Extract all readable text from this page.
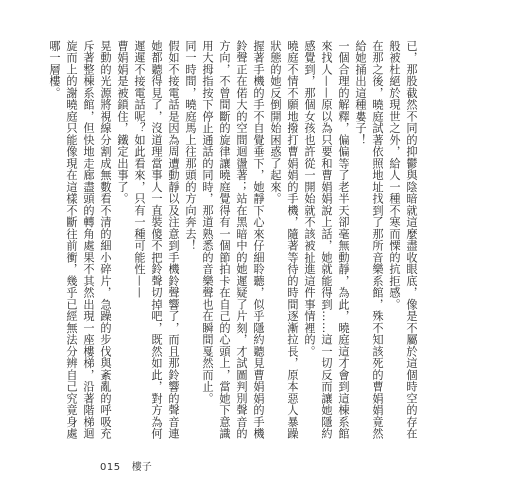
已，那股截然不同的抑鬱與陰暗就這麼盡收眼底，像是不屬於這個時空的存在般被杜絕於現世之外，給人一種不寒而慄的抗拒感。

在那之後，曉庭試著依照地址找到了那所音樂系館，殊不知該死的曹娟娟竟然給她捅出這種婁子！

一個合理的解釋，偏偏等了老半天卻毫無動靜，為此，曉庭這才會到這棟系館來找人——原以為只要和曹娟娟說上話，她就能得到……這一切反而讓她隱約感覺到，那個女孩也許從一開始就不該被扯進這件事情裡的。

曉庭不情不願地撥打曹娟娟的手機，隨著等待的時間逐漸拉長，原本惡人暴躁狀態的她反倒開始困惑了起來。

握著手機的手不自覺垂下，她靜下心來仔細聆聽，似乎隱約聽見曹娟娟的手機鈴聲正在偌大的空間迴盪著；站在黑暗中的她遲疑了片刻，才試圖判別聲音的方向，不曾間斷的旋律讓曉庭覺得有一個節拍卡在自己的心頭上，當她下意識用大拇指按下停止通話的同時，那道熟悉的音樂聲也在瞬間戛然而止。

同一時間，曉庭馬上往那頭的方向奔去！

假如不接電話是因為周遭動靜以及注意到手機鈴聲響了，而且那鈴響的聲音連她都聽得見了，沒道理當事人一直裝傻不把鈴聲切掉吧，既然如此，對方為何遲遲不接電話呢？如此看來，只有一種可能性——

曹娟娟是被鎖住，鐵定出事了。

晃動的光源將視線分割成無數看不清的細小碎片，急躁的步伐與紊亂的呼吸充斥著整棟系館，但快地走廊盡頭的轉角處果不其然出現一座樓梯，沿著階梯迴旋而上的謝曉庭只能像現在這樣不斷往前衝，幾乎已經無法分辨自己究竟身處哪一層樓。

015 樓子
